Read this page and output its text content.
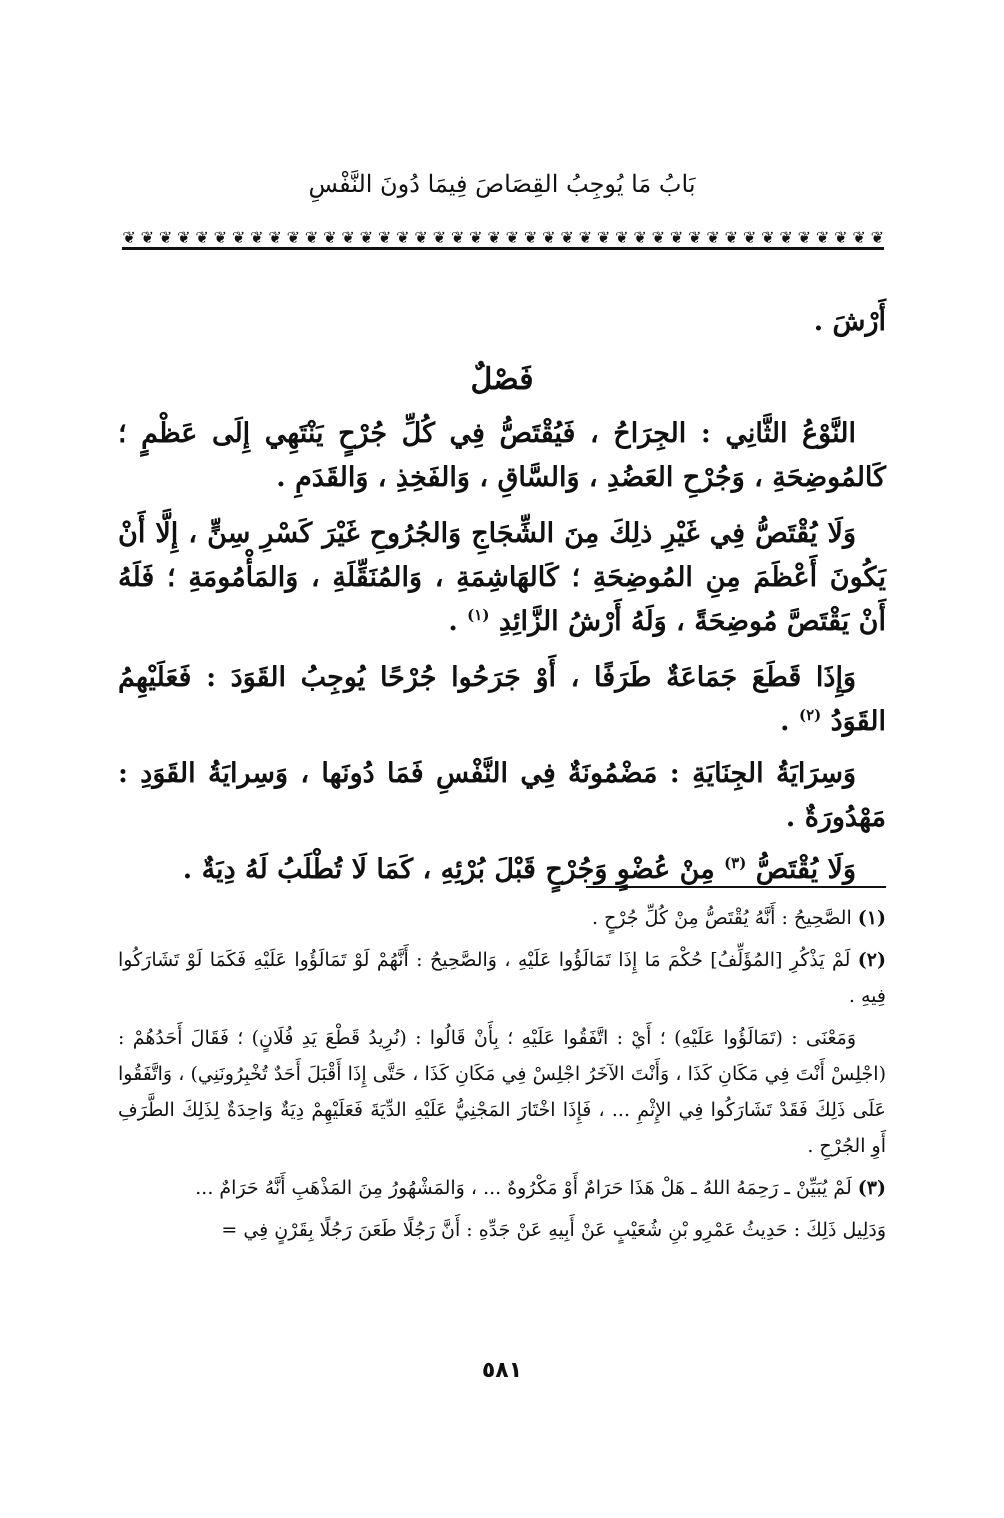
بَابُ مَا يُوجِبُ القِصَاصَ فِيمَا دُونَ النَّفْسِ
❦
❦
❦
❦
❦
❦
❦
❦
❦
❦
❦
❦
❦
❦
❦
❦
❦
❦
❦
❦
❦
❦
❦
❦
❦
❦
❦
❦
❦
❦
❦
❦
❦
❦
❦
❦
❦
❦
❦
❦
❦
❦

أَرْشَ .

فَصْلٌ

النَّوْعُ الثَّانِي : الجِرَاحُ ، فَيُقْتَصُّ فِي كُلِّ جُرْحٍ يَنْتَهِي إِلَى عَظْمٍ ؛ كَالمُوضِحَةِ ، وَجُرْحِ العَضُدِ ، وَالسَّاقِ ، وَالفَخِذِ ، وَالقَدَمِ .

وَلَا يُقْتَصُّ فِي غَيْرِ ذلِكَ مِنَ الشِّجَاجِ وَالجُرُوحِ غَيْرَ كَسْرِ سِنٍّ ، إِلَّا أَنْ يَكُونَ أَعْظَمَ مِنِ المُوضِحَةِ ؛ كَالهَاشِمَةِ ، وَالمُنَقِّلَةِ ، وَالمَأْمُومَةِ ؛ فَلَهُ أَنْ يَقْتَصَّ مُوضِحَةً ، وَلَهُ أَرْشُ الزَّائِدِ $^{(١)}$ .

وَإِذَا قَطَعَ جَمَاعَةٌ طَرَفًا ، أَوْ جَرَحُوا جُرْحًا يُوجِبُ القَوَدَ : فَعَلَيْهِمُ القَوَدُ $^{(٢)}$ .

وَسِرَايَةُ الجِنَايَةِ : مَضْمُونَةٌ فِي النَّفْسِ فَمَا دُونَها ، وَسِرايَةُ القَوَدِ : مَهْدُورَةٌ .

وَلَا يُقْتَصُّ $^{(٣)}$ مِنْ عُضْوٍ وَجُرْحٍ قَبْلَ بُرْئِهِ ، كَمَا لَا تُطْلَبُ لَهُ دِيَةٌ .

(١) الصَّحِيحُ : أَنَّهُ يُقْتَصُّ مِنْ كُلِّ جُرْحٍ .

(٢) لَمْ يَذْكُرِ [المُؤَلِّفُ] حُكْمَ مَا إِذَا تَمَالَؤُوا عَلَيْهِ ، وَالصَّحِيحُ : أَنَّهُمْ لَوْ تَمَالَؤُوا عَلَيْهِ فَكَمَا لَوْ تَشَارَكُوا فِيهِ .

وَمَعْنَى : (تَمَالَؤُوا عَلَيْهِ) ؛ أَيْ : اتَّفَقُوا عَلَيْهِ ؛ بِأَنْ قَالُوا : (نُرِيدُ قَطْعَ يَدِ فُلَانٍ) ؛ فَقَالَ أَحَدُهُمْ : (اجْلِسْ أَنْتَ فِي مَكَانِ كَذَا ، وَأَنْتَ الآخَرُ اجْلِسْ فِي مَكَانِ كَذَا ، حَتَّى إِذَا أَقْبَلَ أَحَدٌ تُخْبِرُونَنِي) ، وَاتَّفَقُوا عَلَى ذَلِكَ فَقَدْ تَشَارَكُوا فِي الإِثْمِ ... ، فَإِذَا اخْتَارَ المَجْنِيُّ عَلَيْهِ الدِّيَةَ فَعَلَيْهِمْ دِيَةٌ وَاحِدَةٌ لِذَلِكَ الطَّرَفِ أَوِ الجُرْحِ .

(٣) لَمْ يُبَيِّنْ ـ رَحِمَهُ اللهُ ـ هَلْ هَذَا حَرَامٌ أَوْ مَكْرُوهٌ ... ، وَالمَشْهُورُ مِنَ المَذْهَبِ أَنَّهُ حَرَامٌ ...

وَدَلِيل ذَلِكَ : حَدِيثُ عَمْرِو بْنِ شُعَيْبٍ عَنْ أَبِيهِ عَنْ جَدِّهِ : أَنَّ رَجُلًا طَعَنَ رَجُلًا بِقَرْنٍ فِي =

٥٨١
